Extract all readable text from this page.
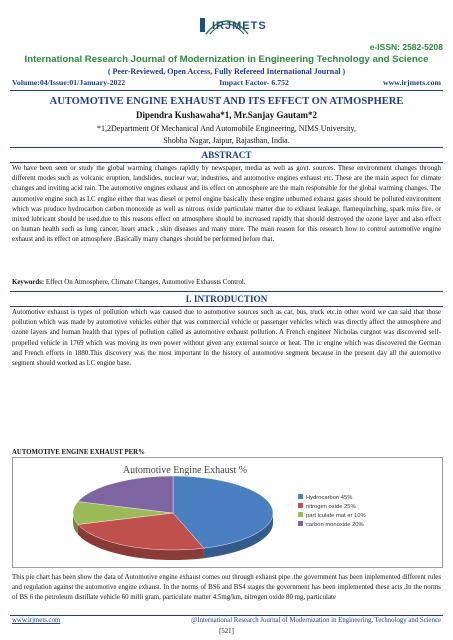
IRJMETS
e-ISSN: 2582-5208
International Research Journal of Modernization in Engineering Technology and Science
( Peer-Reviewed, Open Access, Fully Refereed International Journal )
Volume:04/Issue:01/January-2022	Impact Factor- 6.752	www.irjmets.com
AUTOMOTIVE ENGINE EXHAUST AND ITS EFFECT ON ATMOSPHERE
Dipendra Kushawaha*1, Mr.Sanjay Gautam*2
*1,2Department Of Mechanical And Automobile Engineering, NIMS University,
Shobha Nagar, Jaipur, Rajasthan, India.
ABSTRACT
We have been seen or study the global warming changes rapidly by newspaper, media as well as govt. sources. These environment changes through different modes such as volcanic eruption, landslides, nuclear war, industries, and automotive engines exhaust etc. These are the main aspect for climate changes and inviting acid rain. The automotive engines exhaust and its effect on atmosphere are the main responsible for the global warming changes. The automotive engine such as I.C engine either that was diesel or petrol engine basically these engine unburned exhaust gases should be polluted environment which was produce hydrocarbon carbon monoxide as well as nitrous oxide particulate matter due to exhaust leakage, flamequinching, spark miss fire, or mixed lubricant should be used.due to this reasons effect on atmosphere should be increased rapidly that should destroyed the ozone layer and also effect on human health such as lung cancer, heart attack , skin diseases and many more. The main reason for this research how to control automotive engine exhaust and its effect on atmosphere .Basically many changes should be performed before that.
Keywords: Effect On Atmosphere, Climate Changes, Automotive Exhausts Control.
I. INTRODUCTION
Automotive exhaust is types of pollution which was caused due to automotive sources such as car, bus, truck etc.in other word we can said that those pollution which was made by automotive vehicles either that was commercial vehicle or passenger vehicles which was directly affect the atmosphere and ozone layers and human health that types of pollution called as automotive exhaust pollution. A French engineer Nicholas curgnot was discovered self-propelled vehicle in 1769 which was moving its own power without given any external source or heat. The ic engine which was discovered the German and French efforts in 1880.This discovery was the most important in the history of automotive segment because in the present day all the automotive segment should worked as I.C engine base.
AUTOMOTIVE ENGINE EXHAUST PER%
Automotive Engine Exhaust %
Hydrocarbon 45%
nitrogen oxide 25%
part iculate mat er 10%
carbon monoxide 20%
This pie chart has been show the data of Automotive engine exhaust comes out through exhaust pipe .the government has been implemented different rules and regulation against the automotive engine exhaust. In the norms of BS6 and BS4 stages the government has been implemented these acts .In the norms of BS 6 the petroleum distillate vehicle 60 milli gram, particulate matter 4.5mg/km, nitrogen oxide 80 mg, particulate
www.irjmets.com	@International Research Journal of Modernization in Engineering, Technology and Science
[521]
